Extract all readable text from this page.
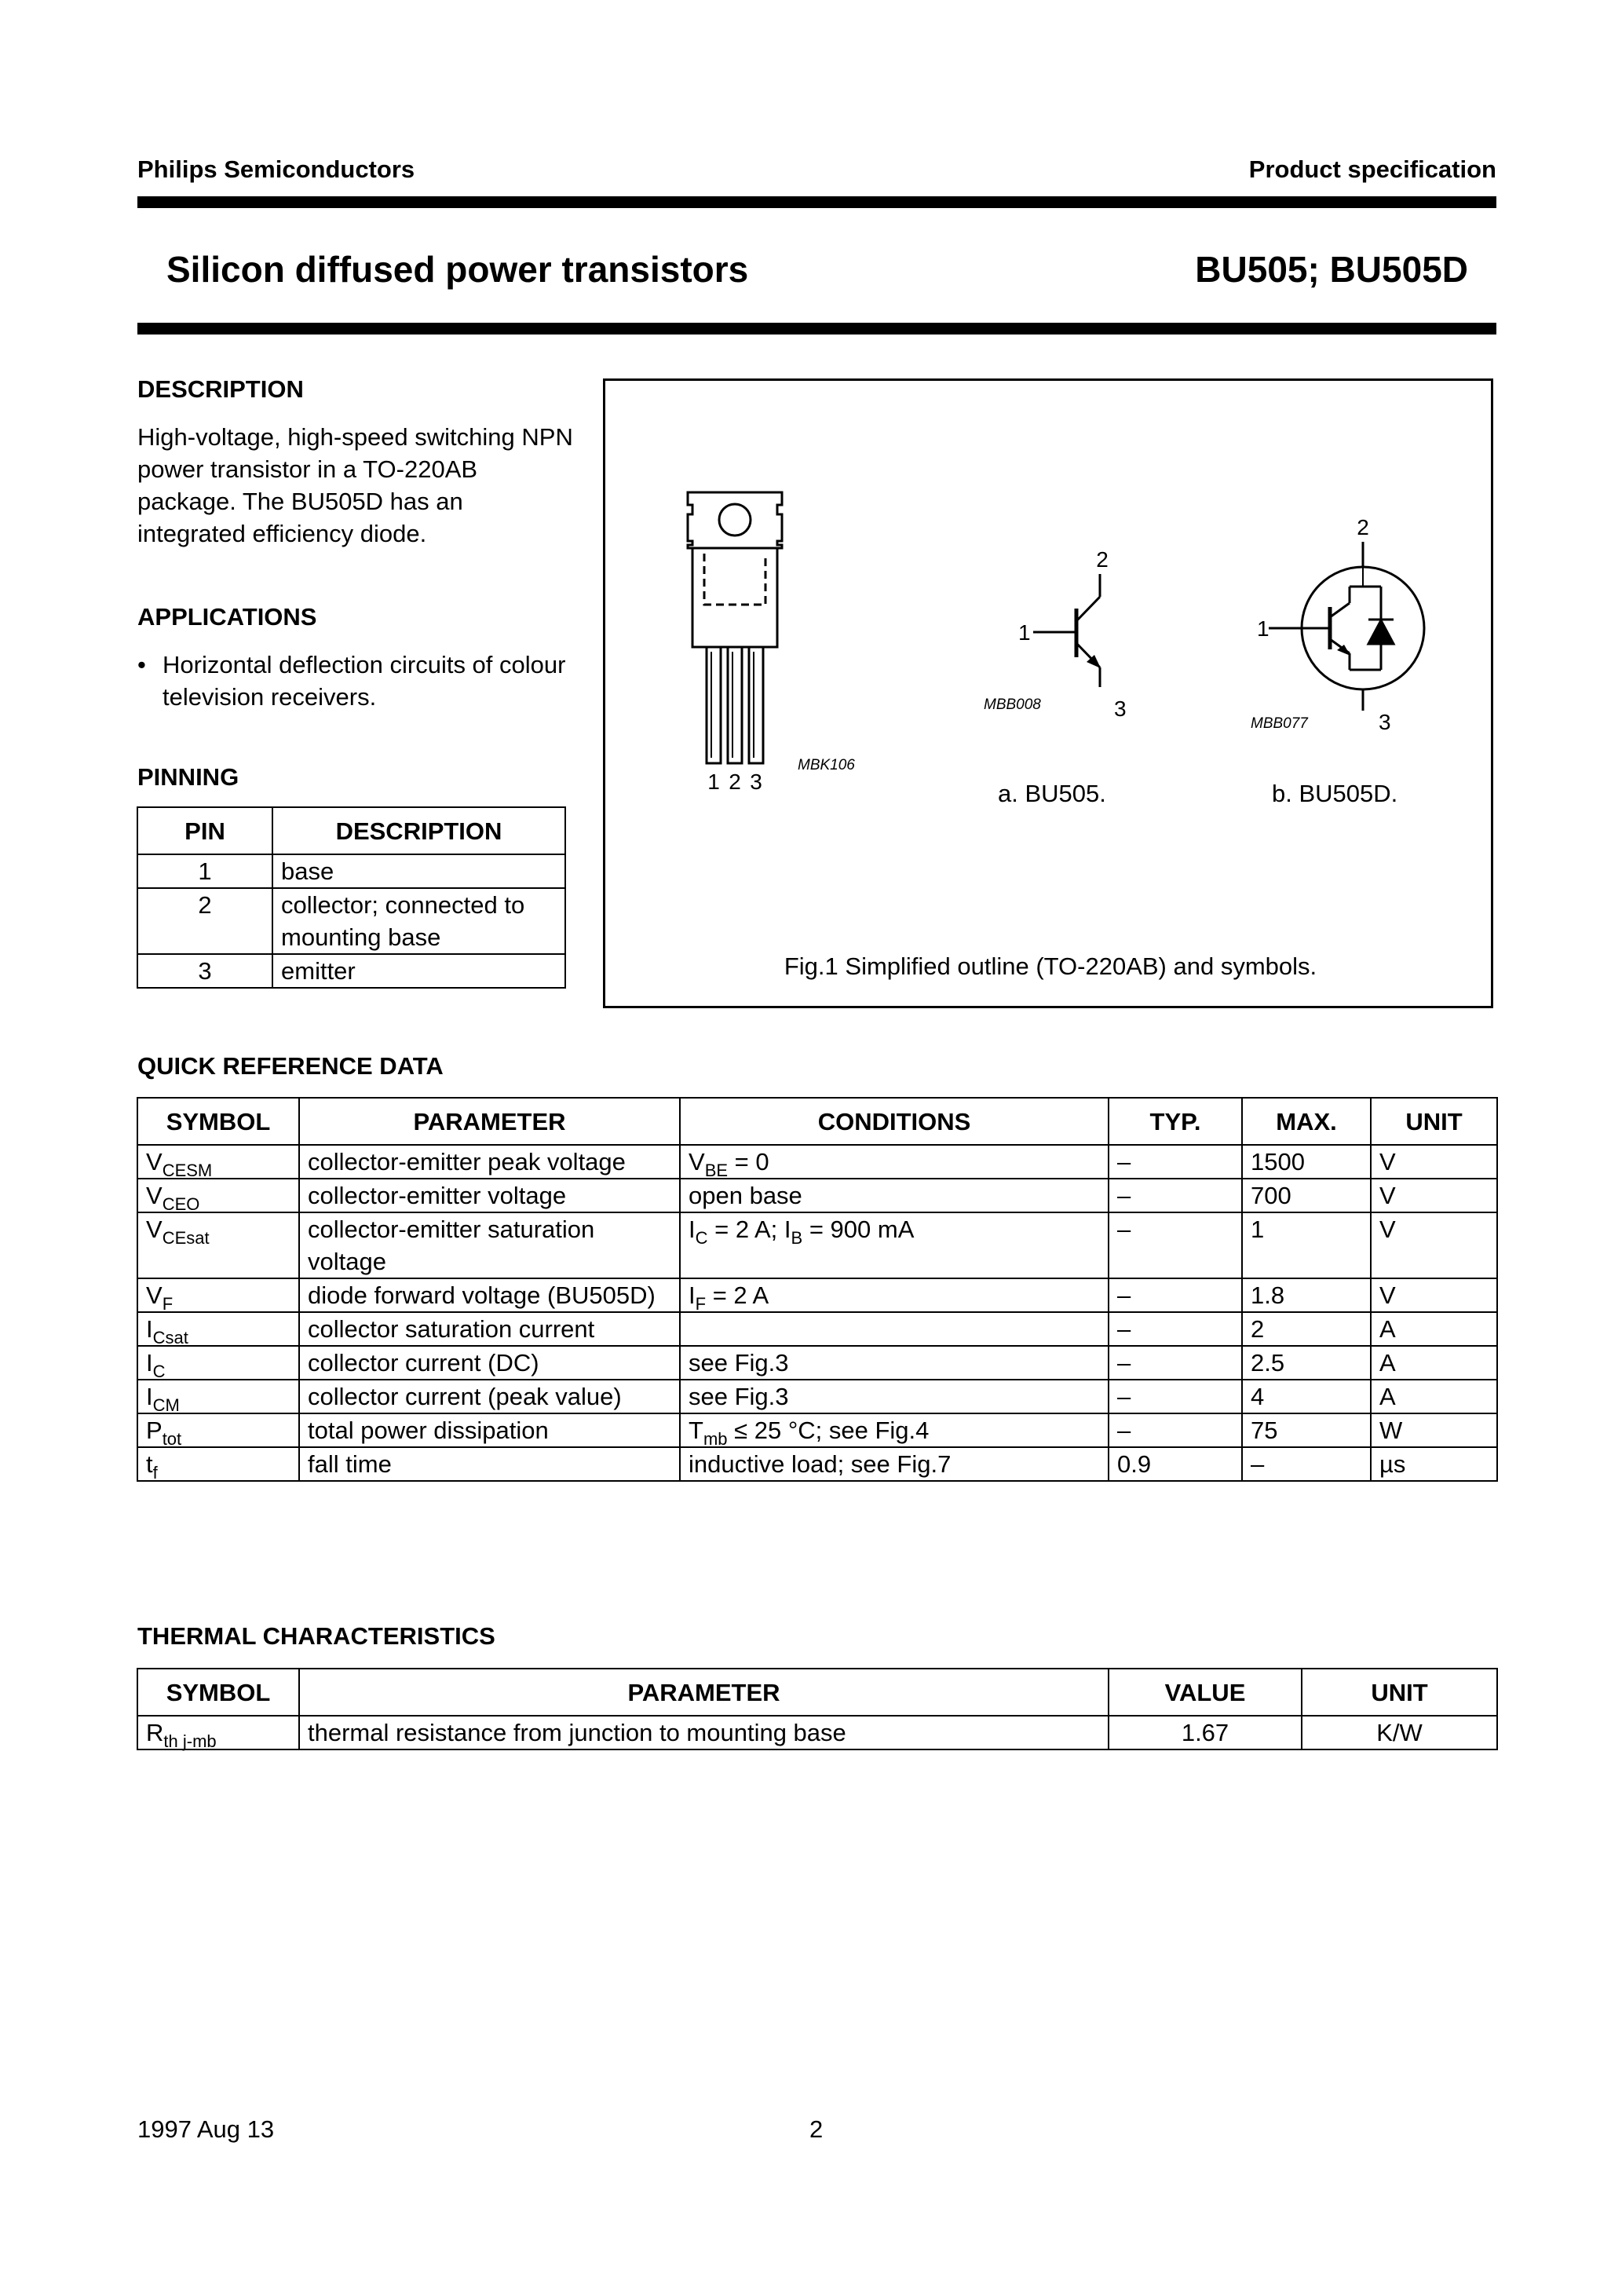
Philips Semiconductors	Product specification
Silicon diffused power transistors	BU505; BU505D
DESCRIPTION
High-voltage, high-speed switching NPN power transistor in a TO-220AB package. The BU505D has an integrated efficiency diode.
APPLICATIONS
• Horizontal deflection circuits of colour television receivers.
PINNING
PIN	DESCRIPTION
1	base
2	collector; connected to mounting base
3	emitter
1 2 3
MBK106
1
2
3
MBB008
a. BU505.
1
2
3
MBB077
b. BU505D.
Fig.1 Simplified outline (TO-220AB) and symbols.
QUICK REFERENCE DATA
SYMBOL	PARAMETER	CONDITIONS	TYP.	MAX.	UNIT
$V_{CESM}$	collector-emitter peak voltage	$V_{BE} = 0$	–	1500	V
$V_{CEO}$	collector-emitter voltage	open base	–	700	V
$V_{CEsat}$	collector-emitter saturation voltage	$I_C = 2$ A; $I_B = 900$ mA	–	1	V
$V_F$	diode forward voltage (BU505D)	$I_F = 2$ A	–	1.8	V
$I_{Csat}$	collector saturation current		–	2	A
$I_C$	collector current (DC)	see Fig.3	–	2.5	A
$I_{CM}$	collector current (peak value)	see Fig.3	–	4	A
$P_{tot}$	total power dissipation	$T_{mb} \le 25$ °C; see Fig.4	–	75	W
$t_f$	fall time	inductive load; see Fig.7	0.9	–	µs
THERMAL CHARACTERISTICS
SYMBOL	PARAMETER	VALUE	UNIT
$R_{th j-mb}$	thermal resistance from junction to mounting base	1.67	K/W
1997 Aug 13	2
